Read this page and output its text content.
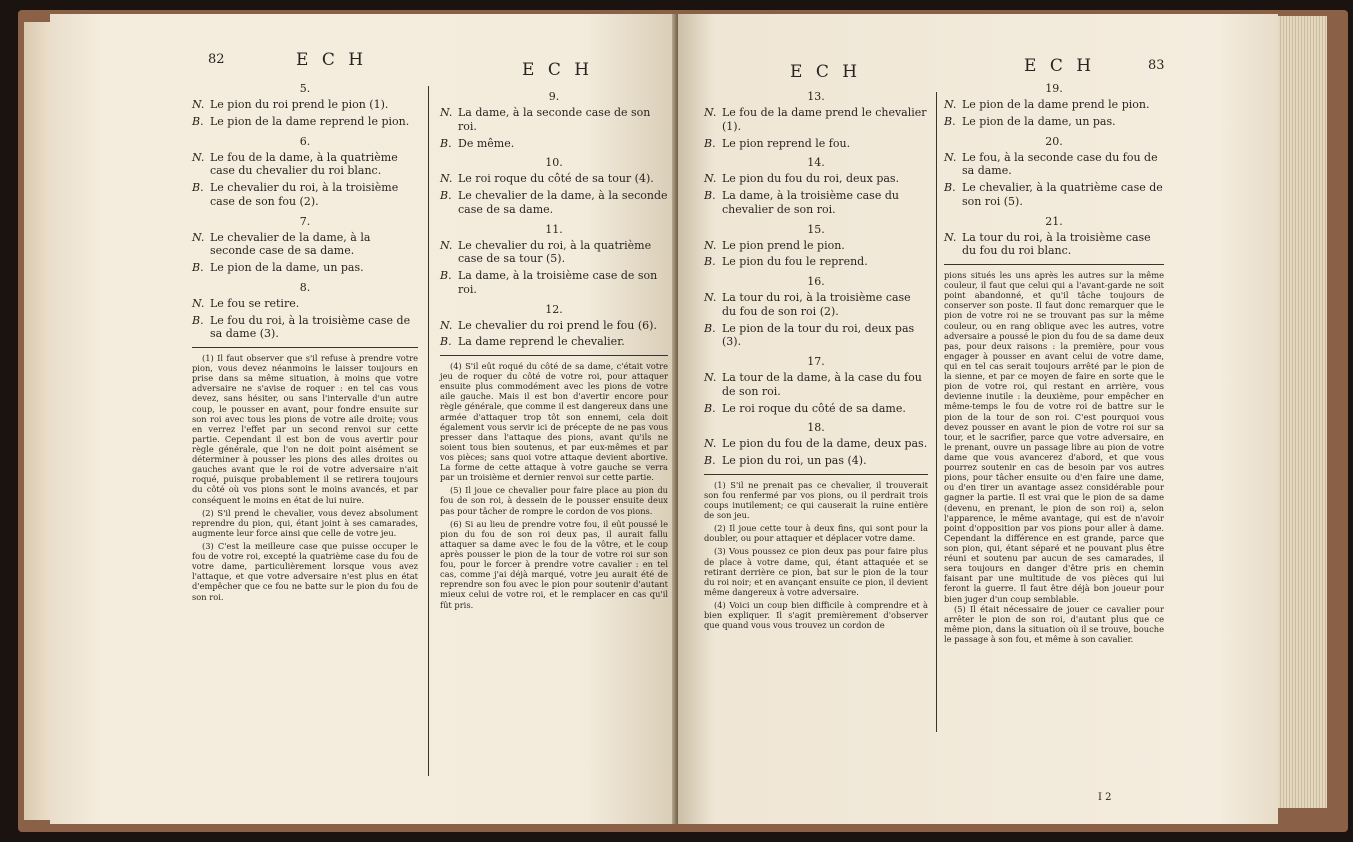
82	E C H	E C H
5.
N. Le pion du roi prend le pion (1).
B. Le pion de la dame reprend le pion.
6.
N. Le fou de la dame, à la quatrième case du chevalier du roi blanc.
B. Le chevalier du roi, à la troisième case de son fou (2).
7.
N. Le chevalier de la dame, à la seconde case de sa dame.
B. Le pion de la dame, un pas.
8.
N. Le fou se retire.
B. Le fou du roi, à la troisième case de sa dame (3).

(1) Il faut observer que s'il refuse à prendre votre pion, vous devez néanmoins le laisser toujours en prise dans sa même situation, à moins que votre adversaire ne s'avise de roquer : en tel cas vous devez, sans hésiter, ou sans l'intervalle d'un autre coup, le pousser en avant, pour fondre ensuite sur son roi avec tous les pions de votre aile droite; vous en verrez l'effet par un second renvoi sur cette partie. Cependant il est bon de vous avertir pour règle générale, que l'on ne doit point aisément se déterminer à pousser les pions des ailes droites ou gauches avant que le roi de votre adversaire n'ait roqué, puisque probablement il se retirera toujours du côté où vos pions sont le moins avancés, et par conséquent le moins en état de lui nuire.

(2) S'il prend le chevalier, vous devez absolument reprendre du pion, qui, étant joint à ses camarades, augmente leur force ainsi que celle de votre jeu.

(3) C'est la meilleure case que puisse occuper le fou de votre roi, excepté la quatrième case du fou de votre dame, particulièrement lorsque vous avez l'attaque, et que votre adversaire n'est plus en état d'empêcher que ce fou ne batte sur le pion du fou de son roi.

9.
N. La dame, à la seconde case de son roi.
B. De même.
10.
N. Le roi roque du côté de sa tour (4).
B. Le chevalier de la dame, à la seconde case de sa dame.
11.
N. Le chevalier du roi, à la quatrième case de sa tour (5).
B. La dame, à la troisième case de son roi.
12.
N. Le chevalier du roi prend le fou (6).
B. La dame reprend le chevalier.

(4) S'il eût roqué du côté de sa dame, c'était votre jeu de roquer du côté de votre roi, pour attaquer ensuite plus commodément avec les pions de votre aile gauche. Mais il est bon d'avertir encore pour règle générale, que comme il est dangereux dans une armée d'attaquer trop tôt son ennemi, cela doit également vous servir ici de précepte de ne pas vous presser dans l'attaque des pions, avant qu'ils ne soient tous bien soutenus, et par eux-mêmes et par vos pièces; sans quoi votre attaque devient abortive. La forme de cette attaque à votre gauche se verra par un troisième et dernier renvoi sur cette partie.

(5) Il joue ce chevalier pour faire place au pion du fou de son roi, à dessein de le pousser ensuite deux pas pour tâcher de rompre le cordon de vos pions.

(6) Si au lieu de prendre votre fou, il eût poussé le pion du fou de son roi deux pas, il aurait fallu attaquer sa dame avec le fou de la vôtre, et le coup après pousser le pion de la tour de votre roi sur son fou, pour le forcer à prendre votre cavalier : en tel cas, comme j'ai déjà marqué, votre jeu aurait été de reprendre son fou avec le pion pour soutenir d'autant mieux celui de votre roi, et le remplacer en cas qu'il fût pris.

E C H	E C H	83
13.
N. Le fou de la dame prend le chevalier (1).
B. Le pion reprend le fou.
14.
N. Le pion du fou du roi, deux pas.
B. La dame, à la troisième case du chevalier de son roi.
15.
N. Le pion prend le pion.
B. Le pion du fou le reprend.
16.
N. La tour du roi, à la troisième case du fou de son roi (2).
B. Le pion de la tour du roi, deux pas (3).
17.
N. La tour de la dame, à la case du fou de son roi.
B. Le roi roque du côté de sa dame.
18.
N. Le pion du fou de la dame, deux pas.
B. Le pion du roi, un pas (4).

(1) S'il ne prenait pas ce chevalier, il trouverait son fou renfermé par vos pions, ou il perdrait trois coups inutilement; ce qui causerait la ruine entière de son jeu.

(2) Il joue cette tour à deux fins, qui sont pour la doubler, ou pour attaquer et déplacer votre dame.

(3) Vous poussez ce pion deux pas pour faire plus de place à votre dame, qui, étant attaquée et se retirant derrière ce pion, bat sur le pion de la tour du roi noir; et en avançant ensuite ce pion, il devient même dangereux à votre adversaire.

(4) Voici un coup bien difficile à comprendre et à bien expliquer. Il s'agit premièrement d'observer que quand vous vous trouvez un cordon de

19.
N. Le pion de la dame prend le pion.
B. Le pion de la dame, un pas.
20.
N. Le fou, à la seconde case du fou de sa dame.
B. Le chevalier, à la quatrième case de son roi (5).
21.
N. La tour du roi, à la troisième case du fou du roi blanc.

pions situés les uns après les autres sur la même couleur, il faut que celui qui a l'avant-garde ne soit point abandonné, et qu'il tâche toujours de conserver son poste. Il faut donc remarquer que le pion de votre roi ne se trouvant pas sur la même couleur, ou en rang oblique avec les autres, votre adversaire a poussé le pion du fou de sa dame deux pas, pour deux raisons : la première, pour vous engager à pousser en avant celui de votre dame, qui en tel cas serait toujours arrêté par le pion de la sienne, et par ce moyen de faire en sorte que le pion de votre roi, qui restant en arrière, vous devienne inutile : la deuxième, pour empêcher en même-temps le fou de votre roi de battre sur le pion de la tour de son roi. C'est pourquoi vous devez pousser en avant le pion de votre roi sur sa tour, et le sacrifier, parce que votre adversaire, en le prenant, ouvre un passage libre au pion de votre dame que vous avancerez d'abord, et que vous pourrez soutenir en cas de besoin par vos autres pions, pour tâcher ensuite ou d'en faire une dame, ou d'en tirer un avantage assez considérable pour gagner la partie. Il est vrai que le pion de sa dame (devenu, en prenant, le pion de son roi) a, selon l'apparence, le même avantage, qui est de n'avoir point d'opposition par vos pions pour aller à dame. Cependant la différence en est grande, parce que son pion, qui, étant séparé et ne pouvant plus être réuni et soutenu par aucun de ses camarades, il sera toujours en danger d'être pris en chemin faisant par une multitude de vos pièces qui lui feront la guerre. Il faut être déjà bon joueur pour bien juger d'un coup semblable.

(5) Il était nécessaire de jouer ce cavalier pour arrêter le pion de son roi, d'autant plus que ce même pion, dans la situation où il se trouve, bouche le passage à son fou, et même à son cavalier.

I 2
